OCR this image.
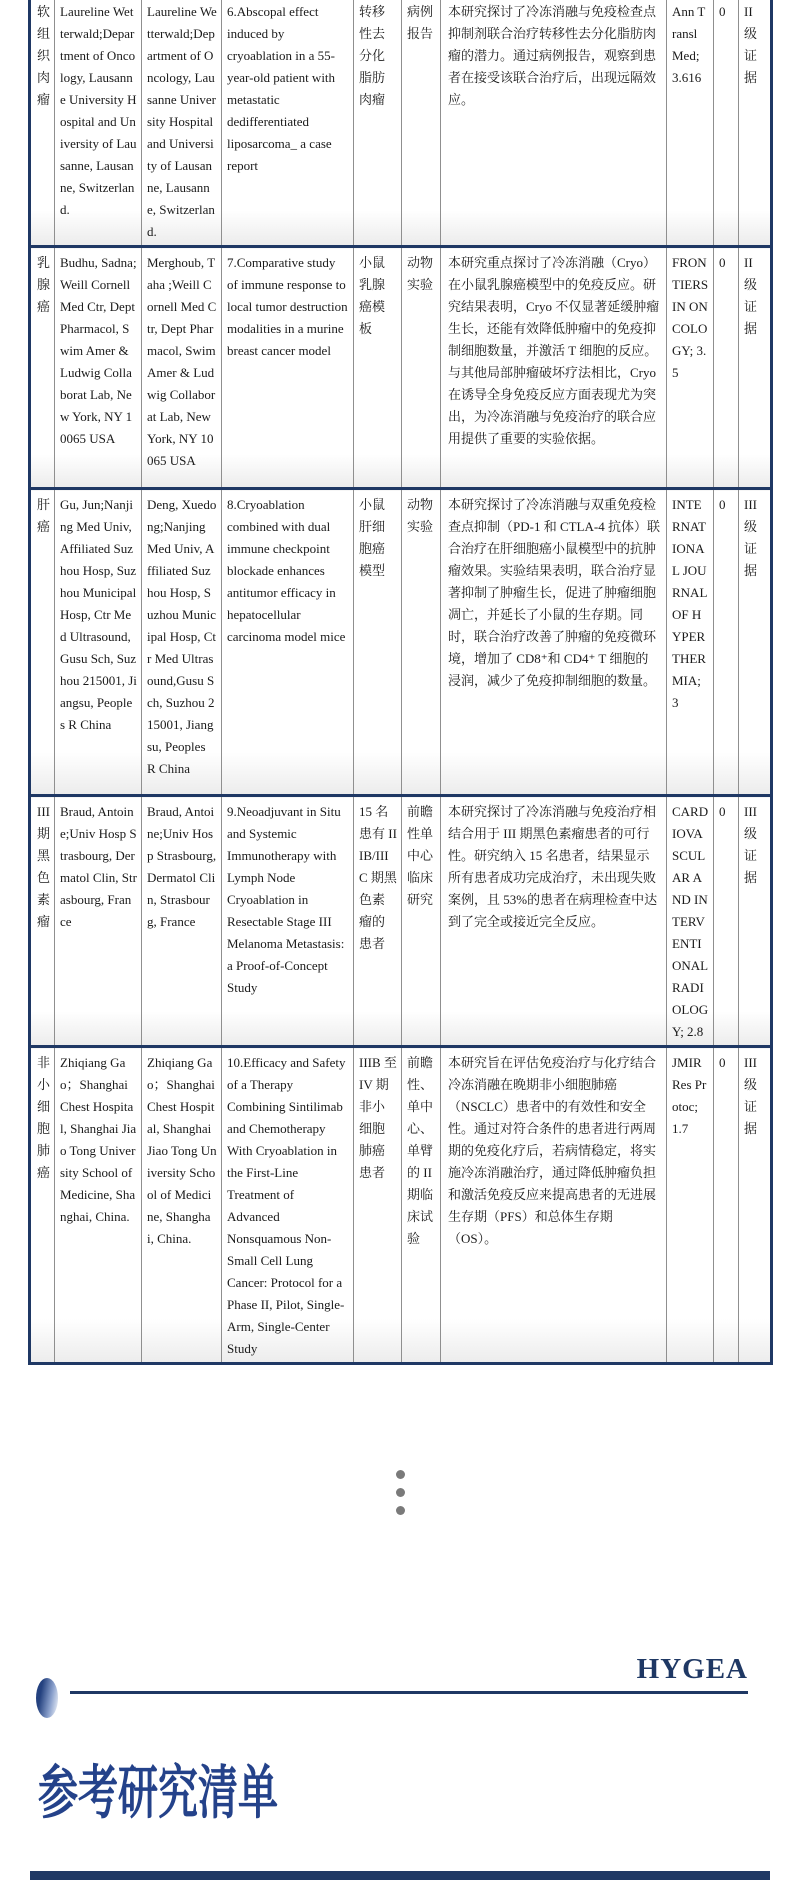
软组织肉瘤	Laureline Wetterwald;Department of Oncology, Lausanne University Hospital and University of Lausanne, Lausanne, Switzerland.	Laureline Wetterwald;Department of Oncology, Lausanne University Hospital and University of Lausanne, Lausanne, Switzerland.	6.Abscopal effect induced by cryoablation in a 55-year-old patient with metastatic dedifferentiated liposarcoma_ a case report	转移性去分化脂肪肉瘤	病例报告	本研究探讨了冷冻消融与免疫检查点抑制剂联合治疗转移性去分化脂肪肉瘤的潜力。通过病例报告，观察到患者在接受该联合治疗后，出现远隔效应。	Ann Transl Med;3.616	0	II 级证据
乳腺癌	Budhu, Sadna;Weill Cornell Med Ctr, Dept Pharmacol, Swim Amer & Ludwig Collaborat Lab, New York, NY 10065 USA	Merghoub, Taha ;Weill Cornell Med Ctr, Dept Pharmacol, Swim Amer & Ludwig Collaborat Lab, New York, NY 10065 USA	7.Comparative study of immune response to local tumor destruction modalities in a murine breast cancer model	小鼠乳腺癌模板	动物实验	本研究重点探讨了冷冻消融（Cryo）在小鼠乳腺癌模型中的免疫反应。研究结果表明，Cryo 不仅显著延缓肿瘤生长，还能有效降低肿瘤中的免疫抑制细胞数量，并激活 T 细胞的反应。与其他局部肿瘤破坏疗法相比，Cryo 在诱导全身免疫反应方面表现尤为突出，为冷冻消融与免疫治疗的联合应用提供了重要的实验依据。	FRONTIERS IN ONCOLOGY; 3.5	0	II 级证据
肝癌	Gu, Jun;Nanjing Med Univ, Affiliated Suzhou Hosp, Suzhou Municipal Hosp, Ctr Med Ultrasound,Gusu Sch, Suzhou 215001, Jiangsu, Peoples R China	Deng, Xuedong;Nanjing Med Univ, Affiliated Suzhou Hosp, Suzhou Municipal Hosp, Ctr Med Ultrasound,Gusu Sch, Suzhou 215001, Jiangsu, Peoples R China	8.Cryoablation combined with dual immune checkpoint blockade enhances antitumor efficacy in hepatocellular carcinoma model mice	小鼠肝细胞癌模型	动物实验	本研究探讨了冷冻消融与双重免疫检查点抑制（PD-1 和 CTLA-4 抗体）联合治疗在肝细胞癌小鼠模型中的抗肿瘤效果。实验结果表明，联合治疗显著抑制了肿瘤生长，促进了肿瘤细胞凋亡，并延长了小鼠的生存期。同时，联合治疗改善了肿瘤的免疫微环境，增加了 CD8⁺和 CD4⁺ T 细胞的浸润，减少了免疫抑制细胞的数量。	INTERNATIONAL JOURNAL OF HYPERTHERMIA; 3	0	III 级证据
III期黑色素瘤	Braud, Antoine;Univ Hosp Strasbourg, Dermatol Clin, Strasbourg, France	Braud, Antoine;Univ Hosp Strasbourg, Dermatol Clin, Strasbourg, France	9.Neoadjuvant in Situ and Systemic Immunotherapy with Lymph Node Cryoablation in Resectable Stage III Melanoma Metastasis: a Proof-of-Concept Study	15 名患有 IIIB/IIIC 期黑色素瘤的患者	前瞻性单中心临床研究	本研究探讨了冷冻消融与免疫治疗相结合用于 III 期黑色素瘤患者的可行性。研究纳入 15 名患者，结果显示所有患者成功完成治疗，未出现失败案例，且 53%的患者在病理检查中达到了完全或接近完全反应。	CARDIOVASCULAR AND INTERVENTIONAL RADIOLOGY; 2.8	0	III 级证据
非小细胞肺癌	Zhiqiang Gao；Shanghai Chest Hospital, Shanghai Jiao Tong University School of Medicine, Shanghai, China.	Zhiqiang Gao；Shanghai Chest Hospital, Shanghai Jiao Tong University School of Medicine, Shanghai, China.	10.Efficacy and Safety of a Therapy Combining Sintilimab and Chemotherapy With Cryoablation in the First-Line Treatment of Advanced Nonsquamous Non-Small Cell Lung Cancer: Protocol for a Phase II, Pilot, Single-Arm, Single-Center Study	IIIB 至 IV 期非小细胞肺癌患者	前瞻性、单中心、单臂的 II 期临床试验	本研究旨在评估免疫治疗与化疗结合冷冻消融在晚期非小细胞肺癌（NSCLC）患者中的有效性和安全性。通过对符合条件的患者进行两周期的免疫化疗后，若病情稳定，将实施冷冻消融治疗，通过降低肿瘤负担和激活免疫反应来提高患者的无进展生存期（PFS）和总体生存期（OS）。	JMIR Res Protoc; 1.7	0	III 级证据
HYGEA
参考研究清单
